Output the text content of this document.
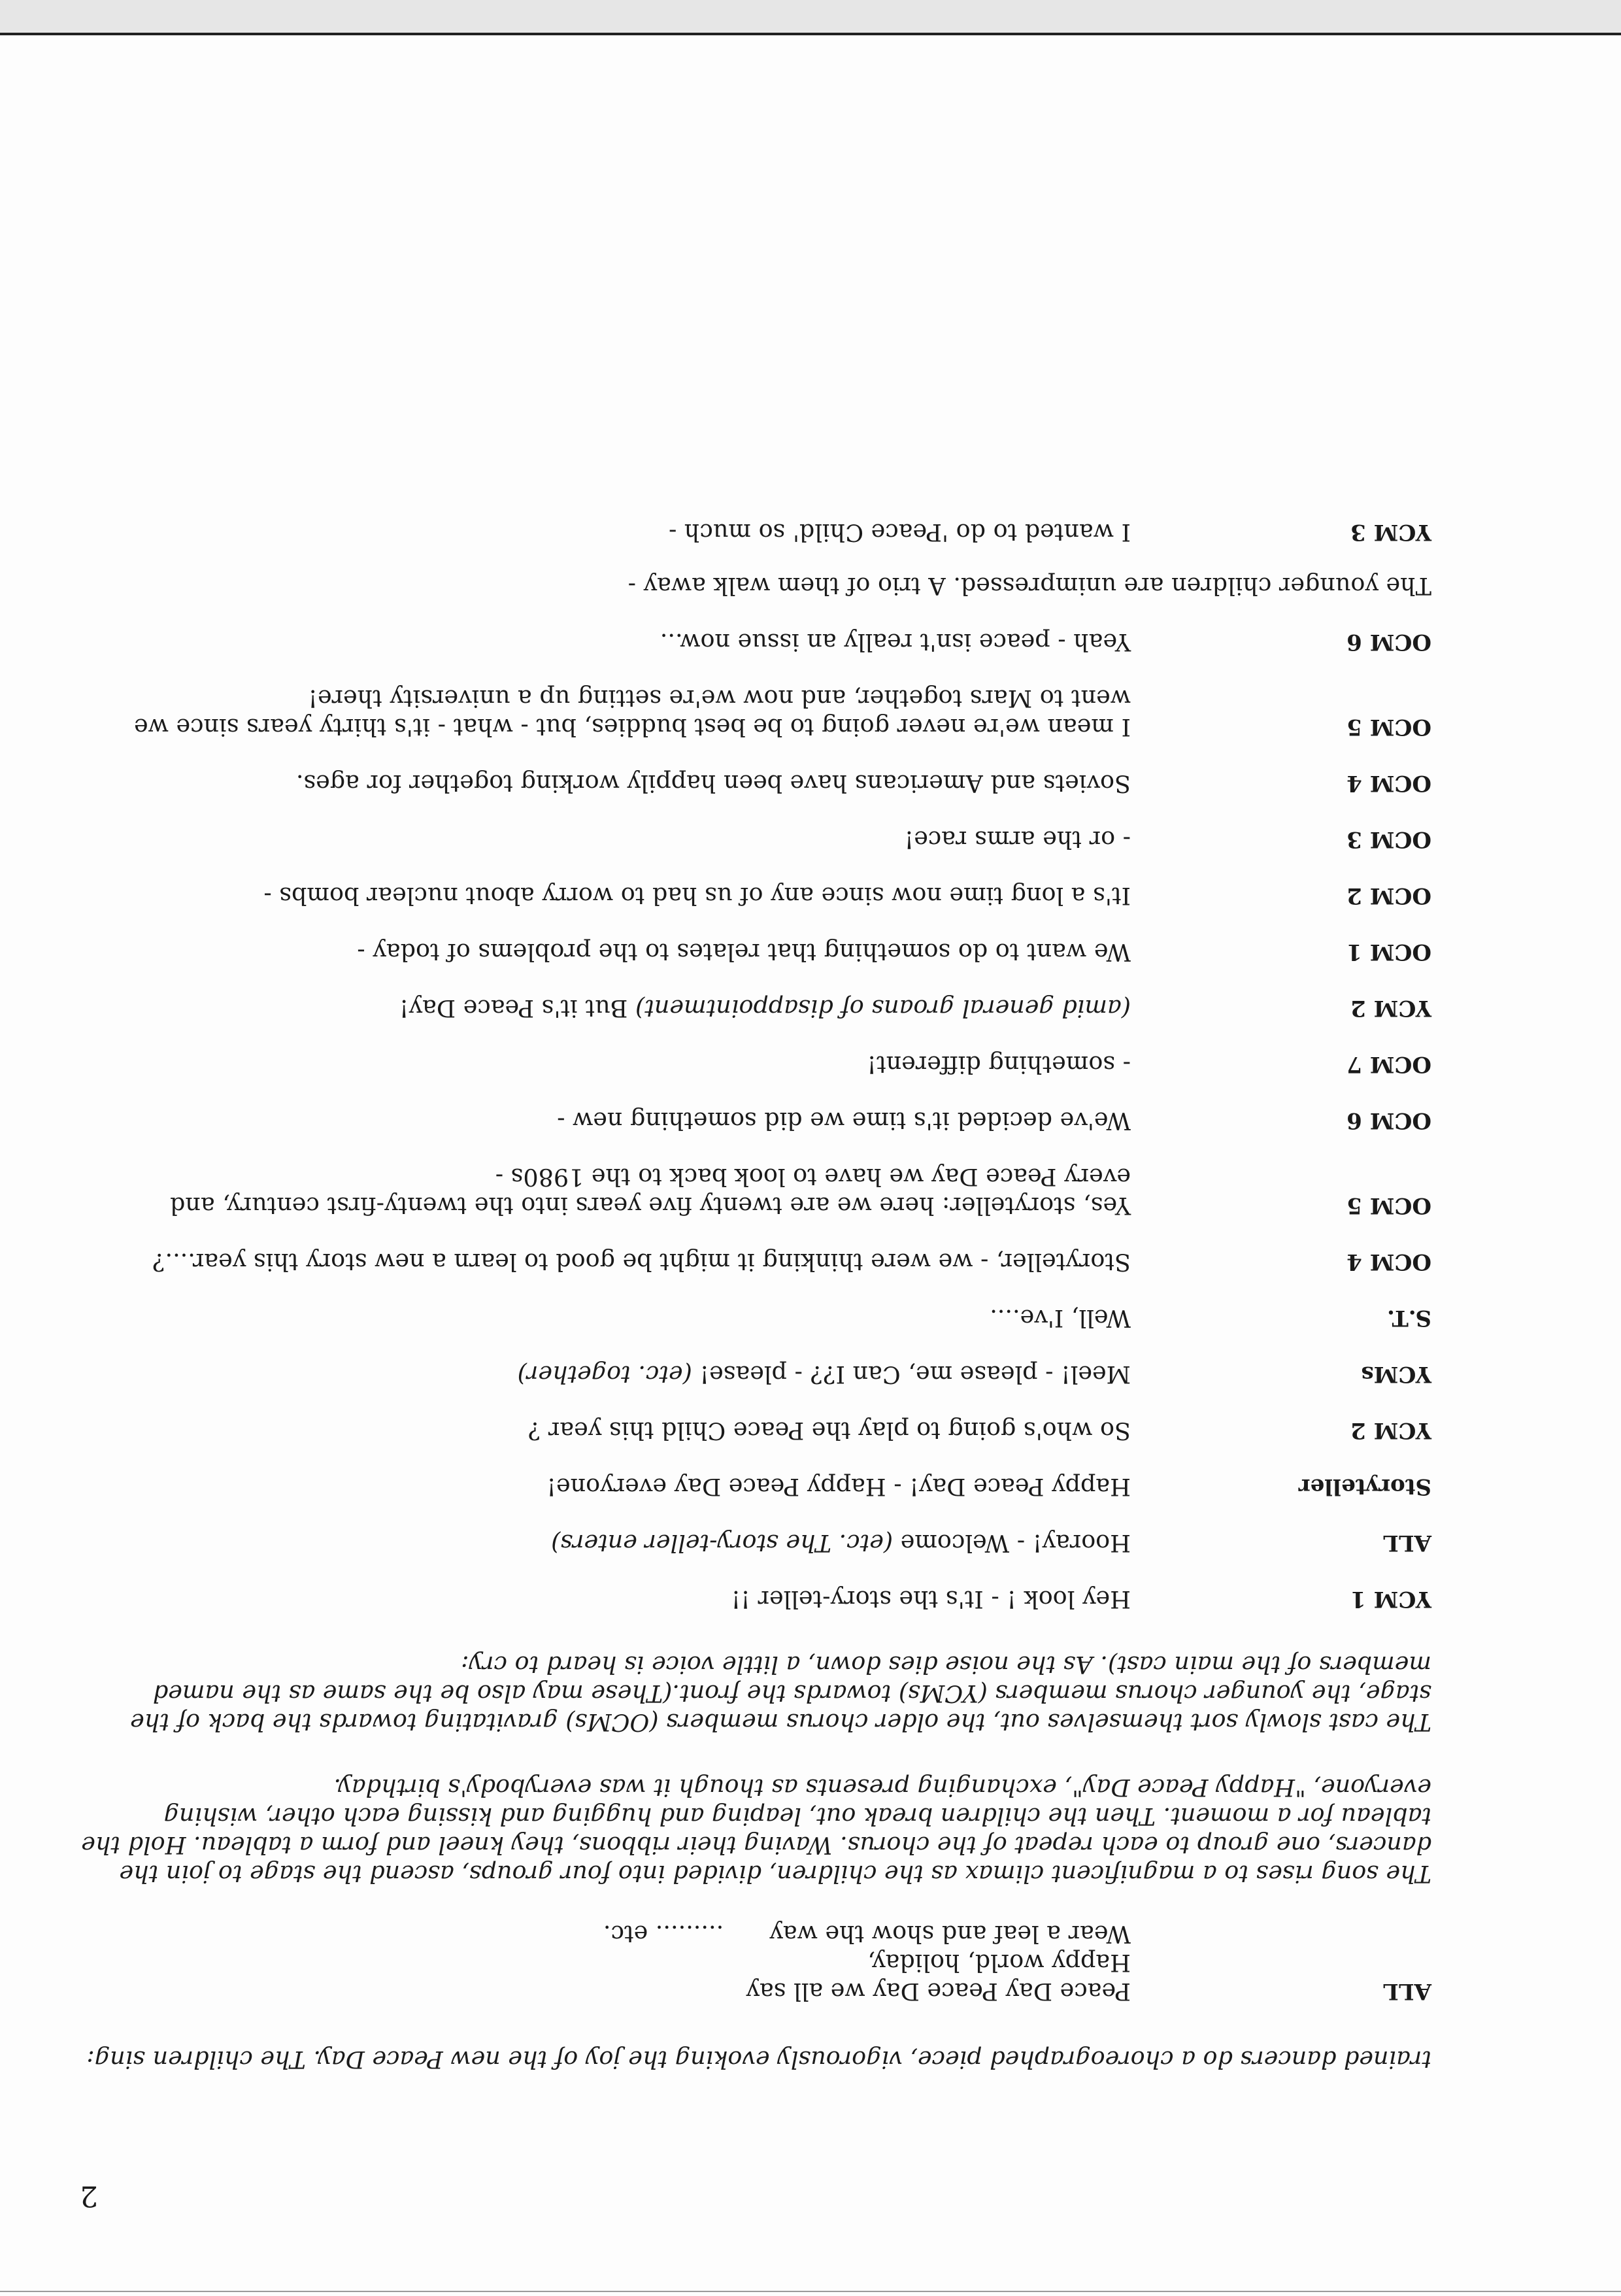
2

trained dancers do a choreographed piece, vigorously evoking the joy of the new Peace Day. The children sing:

ALL
Peace Day Peace Day we all say
Happy world, holiday,
Wear a leaf and show the way......... etc.

The song rises to a magnificent climax as the children, divided into four groups, ascend the stage to join the dancers, one group to each repeat of the chorus. Waving their ribbons, they kneel and form a tableau. Hold the tableau for a moment. Then the children break out, leaping and hugging and kissing each other, wishing everyone, "Happy Peace Day", exchanging presents as though it was everybody's birthday.

The cast slowly sort themselves out, the older chorus members (OCMs) gravitating towards the back of the stage, the younger chorus members (YCMs) towards the front.(These may also be the same as the named members of the main cast). As the noise dies down, a little voice is heard to cry:

YCM 1
Hey look ! - It's the story-teller !!
ALL
Hooray! - Welcome (etc. The story-teller enters)
Storyteller
Happy Peace Day! - Happy Peace Day everyone!
YCM 2
So who's going to play the Peace Child this year ?
YCMs
Meel! - please me, Can I?? - please! (etc. together)
S.T.
Well, I've....
OCM 4
Storyteller, - we were thinking it might be good to learn a new story this year....?
OCM 5
Yes, storyteller: here we are twenty five years into the twenty-first century, and every Peace Day we have to look back to the 1980s -
OCM 6
We've decided it's time we did something new -
OCM 7
- something different!
YCM 2
(amid general groans of disappointment) But it's Peace Day!
OCM 1
We want to do something that relates to the problems of today -
OCM 2
It's a long time now since any of us had to worry about nuclear bombs -
OCM 3
- or the arms race!
OCM 4
Soviets and Americans have been happily working together for ages.
OCM 5
I mean we're never going to be best buddies, but - what - it's thirty years since we went to Mars together, and now we're setting up a university there!
OCM 6
Yeah - peace isn't really an issue now...

The younger children are unimpressed. A trio of them walk away -

YCM 3
I wanted to do 'Peace Child' so much -
